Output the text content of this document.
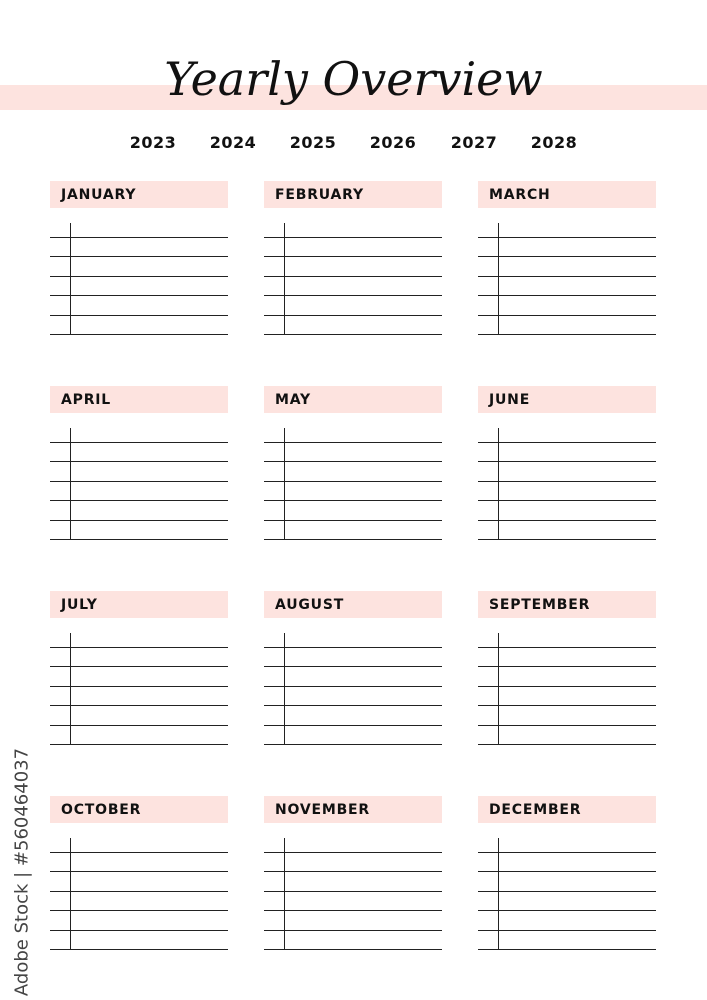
Yearly Overview
2023	2024	2025	2026	2027	2028
JANUARY	FEBRUARY	MARCH
APRIL	MAY	JUNE
JULY	AUGUST	SEPTEMBER
OCTOBER	NOVEMBER	DECEMBER
Adobe Stock | #560464037
